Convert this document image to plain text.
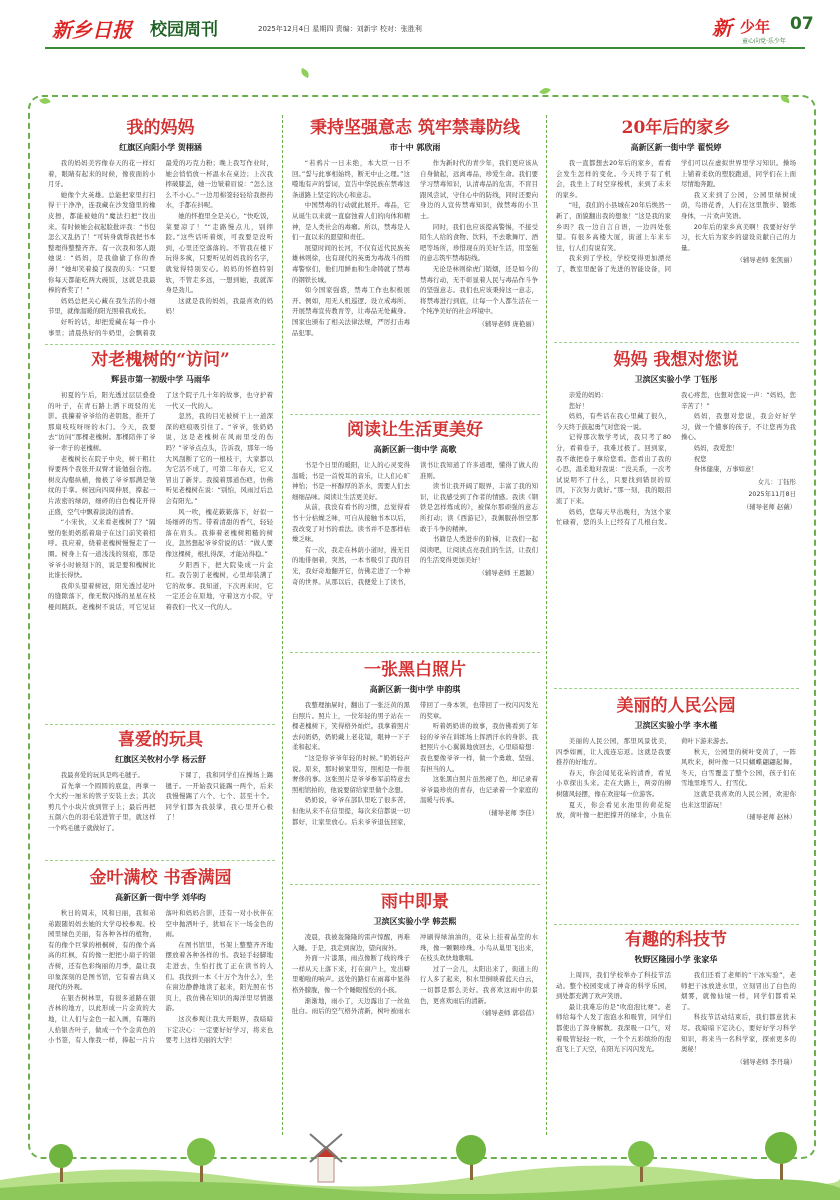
新乡日报 校园周刊	2025年12月4日 星期四 责编：刘新宇 校对：张胜利	新 少年 07
童心向党·乐少年
我的妈妈
红旗区向阳小学 贺栩涵

我的妈妈美容像春天的花一样灯着，眼睛有起来的时候，像夜面的小月牙。

她像个大英雄。总能把家里打扫得干干净净，连我藏在沙发缝里的橡皮擦，都能被她的“魔法扫把”找出来。有时候她会叔起脸批评我：“书包怎么又乱扔了！”可转身就帮我把书本整理得整整齐齐。有一次我和邻人跟她说：“妈妈，是我偷偷了你的香薄！”她却笑着摸了摸我的头：“只要你每天都能吃两大碗饭，这就是我最棒的香奖了！”

妈妈总把关心藏在我生活的小细节里，就像温暖的阳光照着我成长。

好听的话，却把爱藏在每一件小事里；清晨热好的牛奶里，会飘着我最爱的巧克力粉；晚上我写作业时，她会悄悄放一杯温水在桌边；上次我摔破膝盖，她一边皱着眉说：“怎么这么不小心。”一边用棉签轻轻给我擦药水，手都在抖呢。

她的怀抱里全是关心，“快吃饭，菜要凉了！”“走路慢点儿，别摔跤。”这些话听着烦，可我要是没听到，心里还空落落的。不管我在楼下玩得多疯，只要听见妈妈我的名字，就觉得特别安心。妈妈的怀抱特别软，不管走多远，一想到她，我就浑身是劲儿。

这就是我的妈妈，我最喜欢的妈妈！

对老槐树的“访问”
辉县市第一初级中学 马雨华

初夏的午后，阳光透过层层叠叠的叶子，在青石路上洒下斑驳的光影。我攥着爷爷给的老钥匙，推开了那扇吱吱呀呀的木门。今天，我要去“访问”那棵老槐树。那棵陪伴了爷爷一辈子的老槐树。

老槐树长在院子中央，树干粗壮得要两个我张开双臂才能勉强合抱。树皮沟壑纵横，像极了爷爷那满是皱纹的手掌。树冠向四周伸展，撑起一片浓密的绿荫，细碎的白色槐花开得正盛，空气中飘着淡淡的清香。

“小宋伙，又来看老槐树了？”隔壁的张奶奶摇着扇子在这门前笑着招呼。我应着，绕着老槐树慢慢走了一圈。树身上有一道浅浅的刻痕，那是爷爷小时候刻下的，说是要和槐树比比谁长得快。

我仰头望着树冠，阳光透过花叶的缝隙落下，像无数闪烁的星星在枝桠间跳跃。老槐树不说话，可它见证了这个院子几十年的故事，也守护着一代又一代的人。

忽然，我的目光被树干上一道深深的疤痕吸引住了。“爷爷，张奶奶说，这是老槐树在风雨里受的伤吗？”爷爷点点头，告诉我，那年一场大风刮断了它的一根枝干，大家都以为它活不成了，可第二年春天，它又冒出了新芽。我摸着那道伤疤，仿佛听见老槐树在说：“别怕，风雨过后总会有阳光。”

风一吹，槐花簌簌落下，好似一场细碎的雪。带着清甜的香气，轻轻落在肩头。我捧着老槐树粗糙的树皮，忽然想起爷爷常说的话：“做人要像这棵树，根扎得深，才能站得稳。”

夕阳西下，把大院染成一片金红。我告别了老槐树，心里却装满了它的故事。我知道，下次再来时，它一定还会在原地，守着这方小院，守着我们一代又一代的人。

喜爱的玩具
红旗区关牧村小学 杨云舒

我最喜爱的玩具是鸣毛毽子。

首先拿一个圆圆的底盘，再拿一个大约一厘米的管子安装上去；其次剪几个小块片放到管子上；最后再把五颜六色的羽毛装进管子里，就这样一个鸣毛毽子就做好了。

下课了，我和同学们在操场上踢毽子。一开始我只能踢一两个，后来我慢慢踢了六个、七个、甚至十个。同学们都为我鼓掌，我心里开心极了！

金叶满校 书香满园
高新区新一街中学 刘华昀

秋日的周末，风和日丽，我和弟弟跟随妈妈去她的大学母校参观。校园里绿色美丽，有各种各样的植物，有的像个巨掌的梧桐树，有的像个高高的红枫，有的像一把把小扇子的银杏树，还有色彩绚丽的月季，最让我印象深刻的是图书馆，它有着古典又现代的外观。

在银杏树林里，有很多道路在银杏林的地方，以此形成一片金黄的大地，让人们与金色一起入画，有趣的人拾银杏叶子，做成一个个金黄色的小书签，有人像我一样，捧起一片片落叶和妈妈合影，还有一对小伙伴在空中抛洒叶子，犹如在下一场金色的雨。

在图书馆里，书架上整整齐齐地摆放着各种各样的书。我轻手轻脚地走进去，生怕打扰了正在读书的人们。我找到一本《十万个为什么》，坐在窗边静静地读了起来，阳光照在书页上，我仿佛在知识的海洋里尽情遨游。

这次参观让我大开眼界，我暗暗下定决心：一定要好好学习，将来也要考上这样美丽的大学！

秉持坚强意志 筑牢禁毒防线
市十中 郭欣雨

“若鸦片一日未绝，本大臣一日不回。”誓与此事相始终，断无中止之理。”这噬地有声的誓词，宣告中华民族在禁毒这条道路上坚定的决心和意志。

中国禁毒的行动就此展开。毒品，它从诞生以来就一直腐蚀着人们的肉体和精神，是人类社会的毒瘤。所以，禁毒是人们一直以来的愿望和责任。

展望时间的长河，不仅有近代民族英雄林则徐，也有现代的英勇为毒战斗的缉毒警察们，他们用鲜血和生命铸就了禁毒的钢铁长城。

如今国家强盛，禁毒工作也积极展开。例如，用无人机巡逻、设立戒毒所、开展禁毒宣传教育等，让毒品无处藏身。国家也颁布了相关法律法规，严厉打击毒品犯罪。

作为新时代的青少年，我们更应该从自身做起，远离毒品，珍爱生命。我们要学习禁毒知识，认清毒品的危害，不盲目跟风尝试，守住心中的防线，同时还要向身边的人宣传禁毒知识，做禁毒的小卫士。

同时，我们也应该提高警惕，不接受陌生人给的食物、饮料，不去歌舞厅、酒吧等场所，珍惜现在的美好生活，用坚强的意志筑牢禁毒防线。

无论是林则徐虎门销烟，还是如今的禁毒行动，无不彰显着人民与毒品作斗争的坚强意志。我们也应该秉持这一意志，将禁毒进行到底，让每一个人都生活在一个纯净美好的社会环境中。

（辅导老师 庞艳丽）

阅读让生活更美好
高新区新一街中学 高歌

书是个日里的暖阳，让人的心灵变得温暖；书是一首悦耳的音乐，让人们心旷神怡；书是一杯醇厚的茶水，需要人们去细细品味。阅读让生活更美好。

从前，我没有看书的习惯，总觉得看书十分枯燥乏味，可自从接触书本以后，我改变了对书的看法。读书并不是那样枯燥乏味。

有一次，我走在林荫小道时，漫无目的地徘徊着，突然，一本书吸引了我的目光，我好奇地翻开它，仿佛走进了一个神奇的世界。从那以后，我便爱上了读书，读书让我知道了许多道理，懂得了做人的准则。

读书让我开阔了眼界，丰富了我的知识，让我感受到了作者的情感。我读《钢铁是怎样炼成的》，被保尔那顽强的意志所打动；读《西游记》，我佩服孙悟空那敢于斗争的精神。

书籍是人类进步的阶梯，让我们一起阅读吧，让阅读点亮我们的生活，让我们的生活变得更加美好！

（辅导老师 王恩颖）

一张黑白照片
高新区新一街中学 申韵琪

我整理抽屉时，翻出了一张泛黄的黑白照片。照片上，一位年轻的男子站在一棵老槐树下，笑得格外灿烂。我拿着照片去问奶奶，奶奶戴上老花镜，眼神一下子柔和起来。

“这是你爷爷年轻的时候。”奶奶轻声说。原来，那时候家里穷，照相是一件很奢侈的事。这张照片是爷爷参军前特意去照相馆拍的，他说要留给家里做个念想。

奶奶说，爷爷在部队里吃了很多苦，但他从来不在信里提，每次来信都说一切都好，让家里放心。后来爷爷退伍回家，带回了一身本领，也带回了一枚闪闪发光的奖章。

听着奶奶讲的故事，我仿佛看到了年轻的爷爷在训练场上挥洒汗水的身影。我把照片小心翼翼地放回去，心里暗暗想：我也要像爷爷一样，做一个勇敢、坚强、有担当的人。

这张黑白照片虽然褪了色，却记录着爷爷最珍贵的青春，也记录着一个家庭的温暖与传承。

（辅导老师 李佳）

雨中即景
卫滨区实验小学 韩芸熙

凌晨，我被轰隆隆的雷声惊醒，再难入睡。于是，我走到窗边，望向窗外。

外面一片漆黑，雨点像断了线的珠子一样从天上落下来，打在窗户上，发出噼里啪啦的响声。远处的路灯在雨幕中显得格外朦胧，像一个个睡眼惺忪的小孩。

渐渐地，雨小了，天边露出了一丝鱼肚白。雨后的空气格外清新，树叶被雨水冲刷得绿油油的，花朵上挂着晶莹的水珠，像一颗颗珍珠。小鸟从巢里飞出来，在枝头欢快地歌唱。

过了一会儿，太阳出来了，街道上的行人多了起来，积水里倒映着蓝天白云，一切都是那么美好。我喜欢这雨中的景色，更喜欢雨后的清新。

（辅导老师 郭蓓蓓）

20年后的家乡
高新区新一街中学 翟悦婷

我一直都想去20年后的家乡，看看会发生怎样的变化。今天终于有了机会，我坐上了时空穿梭机，来到了未来的家乡。

“哇，我们的小县城在20年后焕然一新了，面貌翻出我的想象！”这是我的家乡吗？我一边自言自语，一边四处张望。有很多高楼大厦，街道上车来车往，行人们有说有笑。

我来到了学校，学校变得更加漂亮了，教室里配备了先进的智能设备，同学们可以在虚拟世界里学习知识。操场上铺着柔软的塑胶跑道，同学们在上面尽情地奔跑。

我又来到了公园，公园里绿树成荫，鸟语花香，人们在这里散步、锻炼身体，一片欢声笑语。

20年后的家乡真美啊！我要好好学习，长大后为家乡的建设贡献自己的力量。

（辅导老师 张凯丽）

妈妈 我想对您说
卫滨区实验小学 丁钰彤

亲爱的妈妈：

您好！

妈妈，有些话在我心里藏了很久，今天终于鼓起勇气对您说一说。

记得那次数学考试，我只考了80分，看着卷子，我难过极了。回到家，我不敢把卷子拿给您看。您看出了我的心思，温柔地对我说：“没关系，一次考试说明不了什么，只要找到错误的原因，下次努力就好。”那一刻，我的眼泪流了下来。

妈妈，您每天早出晚归，为这个家忙碌着，您的头上已经有了几根白发。我心疼您，也想对您说一声：“妈妈，您辛苦了！”

妈妈，我想对您说，我会好好学习，做一个懂事的孩子，不让您再为我操心。

妈妈，我爱您！

祝您

身体健康，万事如意！

女儿：丁钰彤

2025年11月8日

（辅导老师 赵薇）

美丽的人民公园
卫滨区实验小学 李木槿

美丽的人民公园，那里风景优美，四季如画，让人流连忘返。这就是我要推荐的好地方。

春天，你会闻见花朵的清香，看见小草探出头来。走在大路上，两旁的柳树随风轻摆，像在欢迎每一位游客。

夏天，你会看见水池里的荷花绽放，荷叶像一把把撑开的绿伞，小鱼在荷叶下游来游去。

秋天，公园里的树叶变黄了，一阵风吹来，树叶像一只只蝴蝶翩翩起舞。冬天，白雪覆盖了整个公园，孩子们在雪地里堆雪人、打雪仗。

这就是我喜欢的人民公园，欢迎你也来这里游玩！

（辅导老师 赵林）

有趣的科技节
牧野区隆园小学 张家华

上周四，我们学校举办了科技节活动。整个校园变成了神奇的科学乐园，到处都充满了欢声笑语。

最让我难忘的是“吹泡泡比赛”。老师给每个人发了泡泡水和吸管，同学们都使出了浑身解数。我深吸一口气，对着吸管轻轻一吹，一个个五彩缤纷的泡泡飞上了天空，在阳光下闪闪发光。

我们还看了老师的“干冰实验”，老师把干冰放进水里，立刻冒出了白色的烟雾，就像仙境一样，同学们都看呆了。

科技节活动结束后，我们都意犹未尽。我暗暗下定决心，要好好学习科学知识，将来当一名科学家，探索更多的奥秘！

（辅导老师 李丹瑞）
